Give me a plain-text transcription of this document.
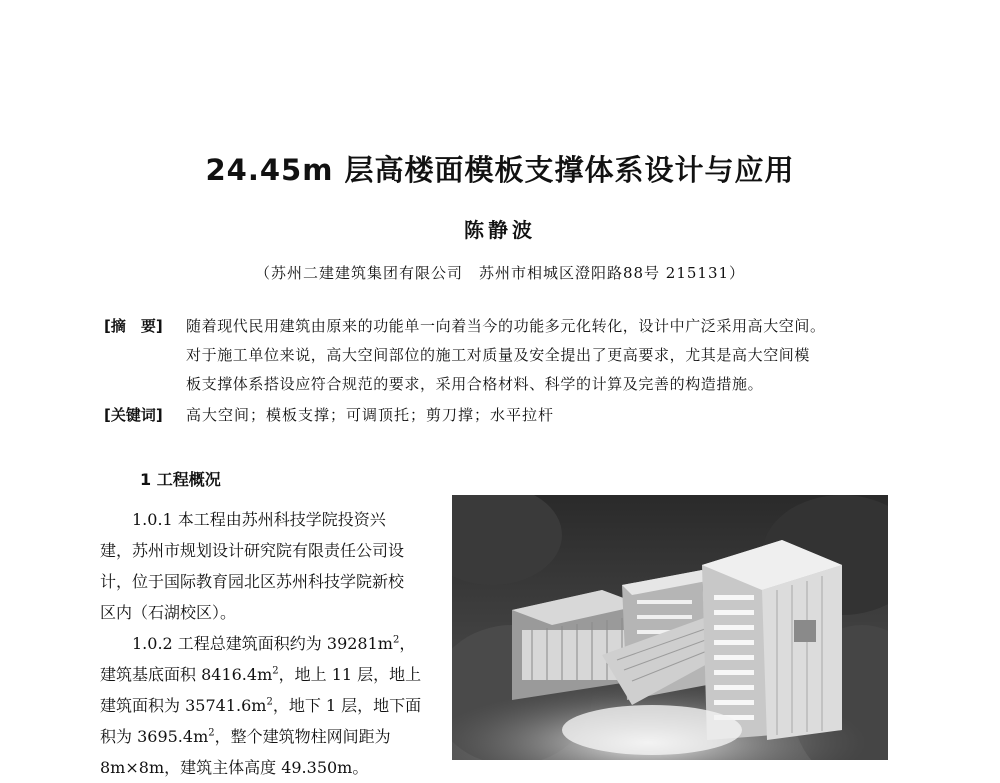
24.45m 层高楼面模板支撑体系设计与应用
陈静波
（苏州二建建筑集团有限公司　苏州市相城区澄阳路88号 215131）
[摘　要]	随着现代民用建筑由原来的功能单一向着当今的功能多元化转化，设计中广泛采用高大空间。
对于施工单位来说，高大空间部位的施工对质量及安全提出了更高要求，尤其是高大空间模
板支撑体系搭设应符合规范的要求，采用合格材料、科学的计算及完善的构造措施。
[关键词] 高大空间；模板支撑；可调顶托；剪刀撑；水平拉杆
1 工程概况
1.0.1 本工程由苏州科技学院投资兴
建，苏州市规划设计研究院有限责任公司设
计，位于国际教育园北区苏州科技学院新校
区内（石湖校区）。
1.0.2 工程总建筑面积约为 $39281m^2$，
建筑基底面积 $8416.4m^2$，地上 11 层，地上
建筑面积为 $35741.6m^2$，地下 1 层，地下面
积为 $3695.4m^2$，整个建筑物柱网间距为
8m×8m，建筑主体高度 49.350m。
